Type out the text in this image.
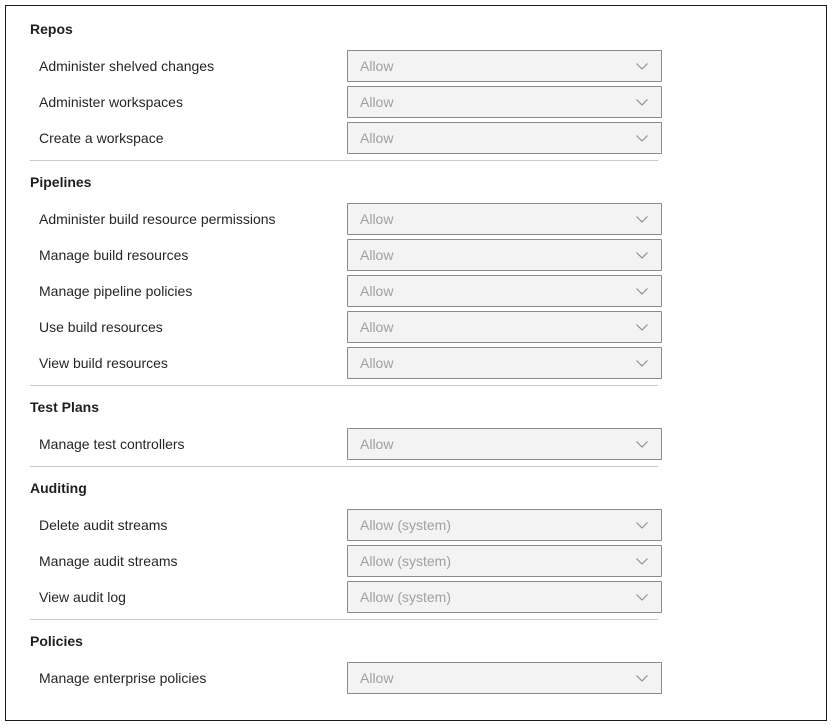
Repos
Administer shelved changes	Allow
Administer workspaces	Allow
Create a workspace	Allow
Pipelines
Administer build resource permissions	Allow
Manage build resources	Allow
Manage pipeline policies	Allow
Use build resources	Allow
View build resources	Allow
Test Plans
Manage test controllers	Allow
Auditing
Delete audit streams	Allow (system)
Manage audit streams	Allow (system)
View audit log	Allow (system)
Policies
Manage enterprise policies	Allow
